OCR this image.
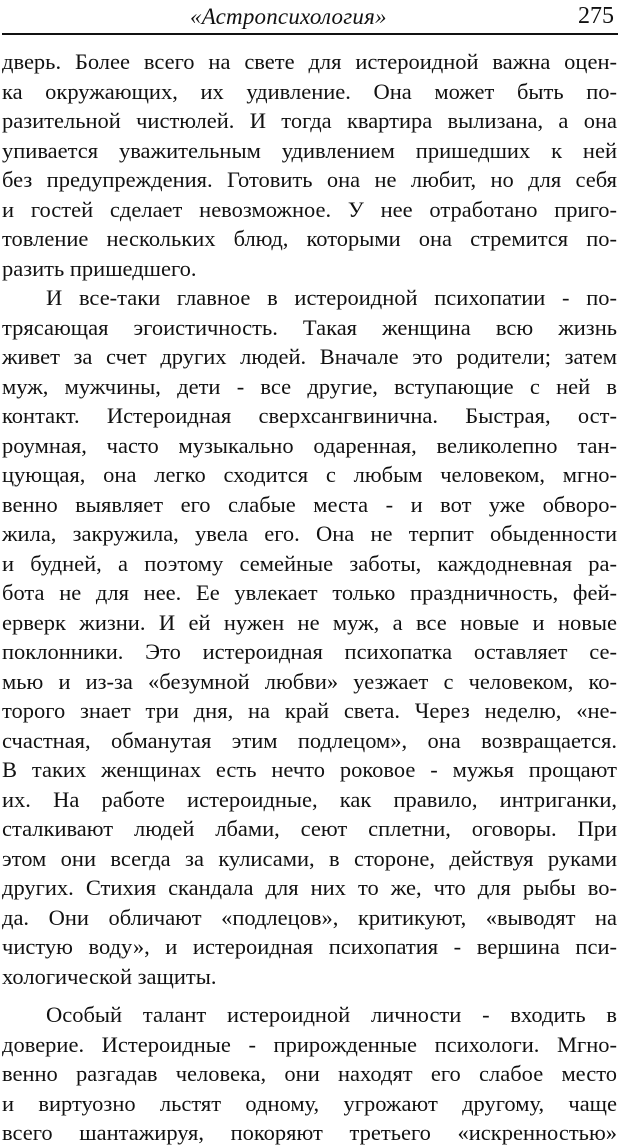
«Астропсихология»	275
дверь. Более всего на свете для истероидной важна оцен-
ка окружающих, их удивление. Она может быть по-
разительной чистюлей. И тогда квартира вылизана, а она
упивается уважительным удивлением пришедших к ней
без предупреждения. Готовить она не любит, но для себя
и гостей сделает невозможное. У нее отработано приго-
товление нескольких блюд, которыми она стремится по-
разить пришедшего.
И все-таки главное в истероидной психопатии - по-
трясающая эгоистичность. Такая женщина всю жизнь
живет за счет других людей. Вначале это родители; затем
муж, мужчины, дети - все другие, вступающие с ней в
контакт. Истероидная сверхсангвинична. Быстрая, ост-
роумная, часто музыкально одаренная, великолепно тан-
цующая, она легко сходится с любым человеком, мгно-
венно выявляет его слабые места - и вот уже обворо-
жила, закружила, увела его. Она не терпит обыденности
и будней, а поэтому семейные заботы, каждодневная ра-
бота не для нее. Ее увлекает только праздничность, фей-
ерверк жизни. И ей нужен не муж, а все новые и новые
поклонники. Это истероидная психопатка оставляет се-
мью и из-за «безумной любви» уезжает с человеком, ко-
торого знает три дня, на край света. Через неделю, «не-
счастная, обманутая этим подлецом», она возвращается.
В таких женщинах есть нечто роковое - мужья прощают
их. На работе истероидные, как правило, интриганки,
сталкивают людей лбами, сеют сплетни, оговоры. При
этом они всегда за кулисами, в стороне, действуя руками
других. Стихия скандала для них то же, что для рыбы во-
да. Они обличают «подлецов», критикуют, «выводят на
чистую воду», и истероидная психопатия - вершина пси-
хологической защиты.
Особый талант истероидной личности - входить в
доверие. Истероидные - прирожденные психологи. Мгно-
венно разгадав человека, они находят его слабое место
и виртуозно льстят одному, угрожают другому, чаще
всего шантажируя, покоряют третьего «искренностью»
